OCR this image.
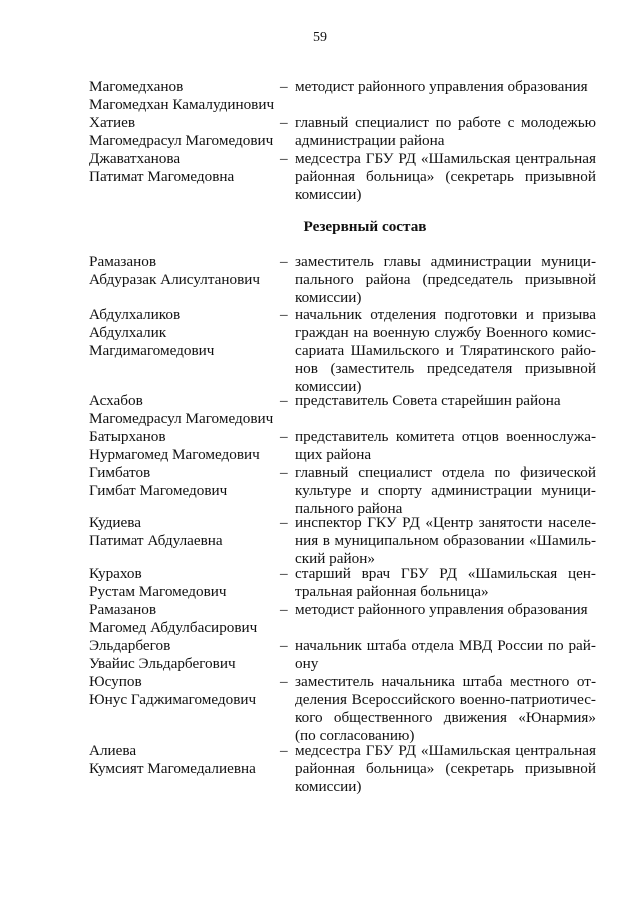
59
Магомедханов
Магомедхан Камалудинович
– методист районного управления образования
Хатиев
Магомедрасул Магомедович
– главный специалист по работе с молодежью
администрации района
Джаватханова
Патимат Магомедовна
– медсестра ГБУ РД «Шамильская центральная
районная больница» (секретарь призывной
комиссии)
Резервный состав
Рамазанов
Абдуразак Алисултанович
– заместитель главы администрации муници-
пального района (председатель призывной
комиссии)
Абдулхаликов
Абдулхалик
Магдимагомедович
– начальник отделения подготовки и призыва
граждан на военную службу Военного комис-
сариата Шамильского и Тляратинского райо-
нов (заместитель председателя призывной
комиссии)
Асхабов
Магомедрасул Магомедович
– представитель Совета старейшин района
Батырханов
Нурмагомед Магомедович
– представитель комитета отцов военнослужа-
щих района
Гимбатов
Гимбат Магомедович
– главный специалист отдела по физической
культуре и спорту администрации муници-
пального района
Кудиева
Патимат Абдулаевна
– инспектор ГКУ РД «Центр занятости населе-
ния в муниципальном образовании «Шамиль-
ский район»
Курахов
Рустам Магомедович
– старший врач ГБУ РД «Шамильская цен-
тральная районная больница»
Рамазанов
Магомед Абдулбасирович
– методист районного управления образования
Эльдарбегов
Увайис Эльдарбегович
– начальник штаба отдела МВД России по рай-
ону
Юсупов
Юнус Гаджимагомедович
– заместитель начальника штаба местного от-
деления Всероссийского военно-патриотичес-
кого общественного движения «Юнармия»
(по согласованию)
Алиева
Кумсият Магомедалиевна
– медсестра ГБУ РД «Шамильская центральная
районная больница» (секретарь призывной
комиссии)
